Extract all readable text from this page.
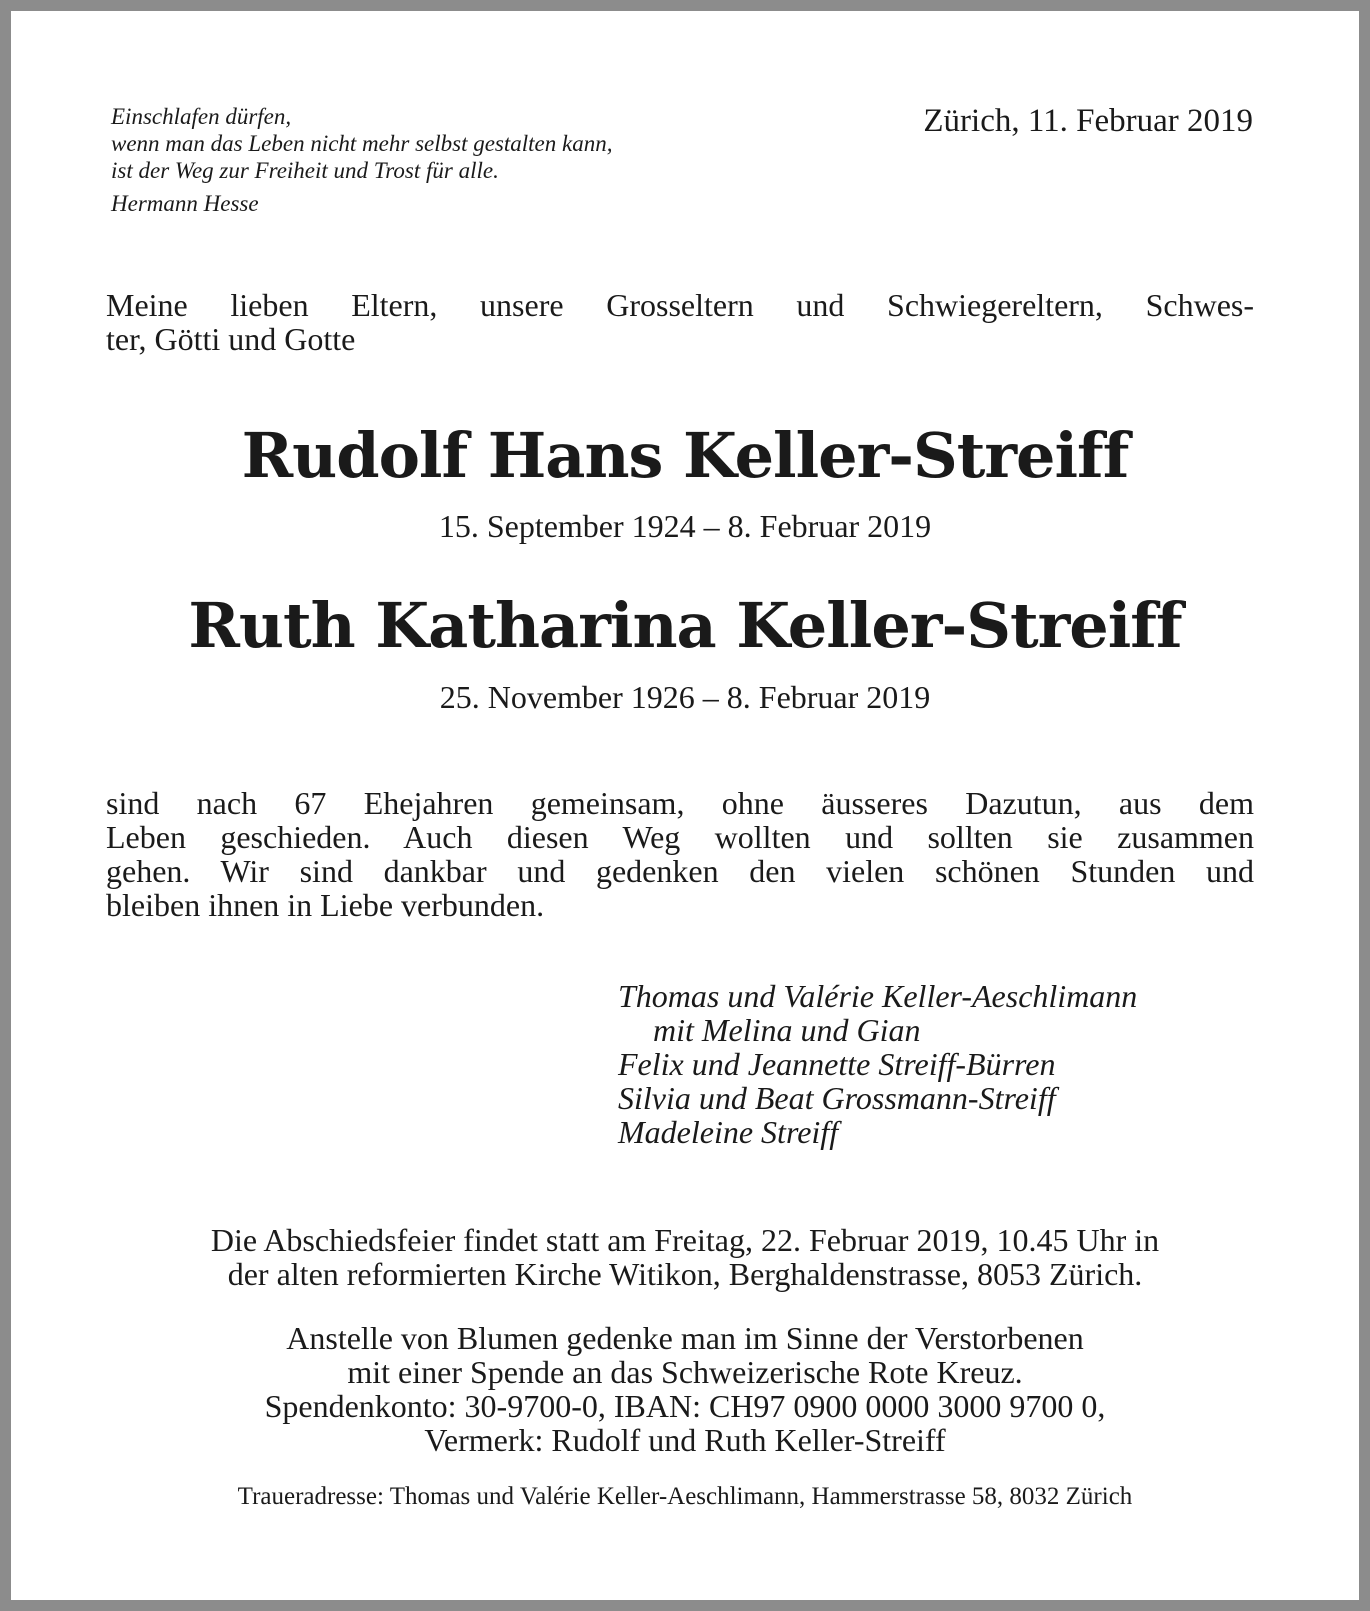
Einschlafen dürfen,
wenn man das Leben nicht mehr selbst gestalten kann,
ist der Weg zur Freiheit und Trost für alle.
Hermann Hesse
Zürich, 11. Februar 2019
Meine lieben Eltern, unsere Grosseltern und Schwiegereltern, Schwes-
ter, Götti und Gotte
Rudolf Hans Keller-Streiff
15. September 1924 – 8. Februar 2019
Ruth Katharina Keller-Streiff
25. November 1926 – 8. Februar 2019
sind nach 67 Ehejahren gemeinsam, ohne äusseres Dazutun, aus dem
Leben geschieden. Auch diesen Weg wollten und sollten sie zusammen
gehen. Wir sind dankbar und gedenken den vielen schönen Stunden und
bleiben ihnen in Liebe verbunden.
Thomas und Valérie Keller-Aeschlimann
mit Melina und Gian
Felix und Jeannette Streiff-Bürren
Silvia und Beat Grossmann-Streiff
Madeleine Streiff
Die Abschiedsfeier findet statt am Freitag, 22. Februar 2019, 10.45 Uhr in
der alten reformierten Kirche Witikon, Berghaldenstrasse, 8053 Zürich.
Anstelle von Blumen gedenke man im Sinne der Verstorbenen
mit einer Spende an das Schweizerische Rote Kreuz.
Spendenkonto: 30-9700-0, IBAN: CH97 0900 0000 3000 9700 0,
Vermerk: Rudolf und Ruth Keller-Streiff
Traueradresse: Thomas und Valérie Keller-Aeschlimann, Hammerstrasse 58, 8032 Zürich
